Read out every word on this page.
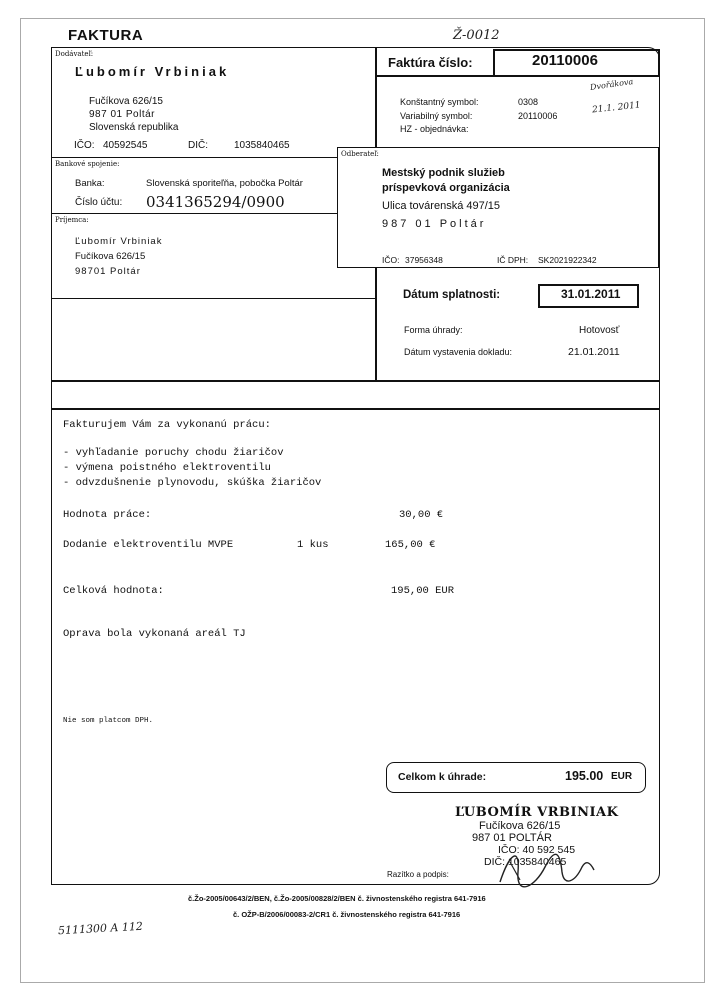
FAKTURA	Ž-0012
Dodávateľ:
Ľubomír Vrbiniak
Fučíkova 626/15
987 01 Poltár
Slovenská republika
IČO: 40592545	DIČ:	1035840465
Faktúra číslo:	20110006
Dvořákova
21.1. 2011
Konštantný symbol:	0308
Variabilný symbol:	20110006
HZ - objednávka:
Bankové spojenie:
Banka:	Slovenská sporiteľňa, pobočka Poltár
Číslo účtu: 0341365294/0900
Odberateľ:
Mestský podnik služieb
príspevková organizácia
Ulica továrenská 497/15
987 01 Poltár
IČO: 37956348	IČ DPH: SK2021922342
Príjemca:
Ľubomír Vrbiniak
Fučíkova 626/15
98701 Poltár
Dátum splatnosti:	31.01.2011
Forma úhrady:	Hotovosť
Dátum vystavenia dokladu:	21.01.2011
Fakturujem Vám za vykonanú prácu:
- vyhľadanie poruchy chodu žiaričov
- výmena poistného elektroventilu
- odvzdušnenie plynovodu, skúška žiaričov
Hodnota práce:	30,00 €
Dodanie elektroventilu MVPE	1 kus	165,00 €
Celková hodnota:	195,00 EUR
Oprava bola vykonaná areál TJ
Nie som platcom DPH.
Celkom k úhrade:	195.00 EUR
ĽUBOMÍR VRBINIAK
Fučíkova 626/15
987 01 POLTÁR
IČO: 40 592 545
DIČ: 1035840465
Razítko a podpis:
č.Žo-2005/00643/2/BEN, č.Žo-2005/00828/2/BEN č. živnostenského registra 641-7916
č. OŽP-B/2006/00083-2/CR1 č. živnostenského registra 641-7916
5111300 A 112
